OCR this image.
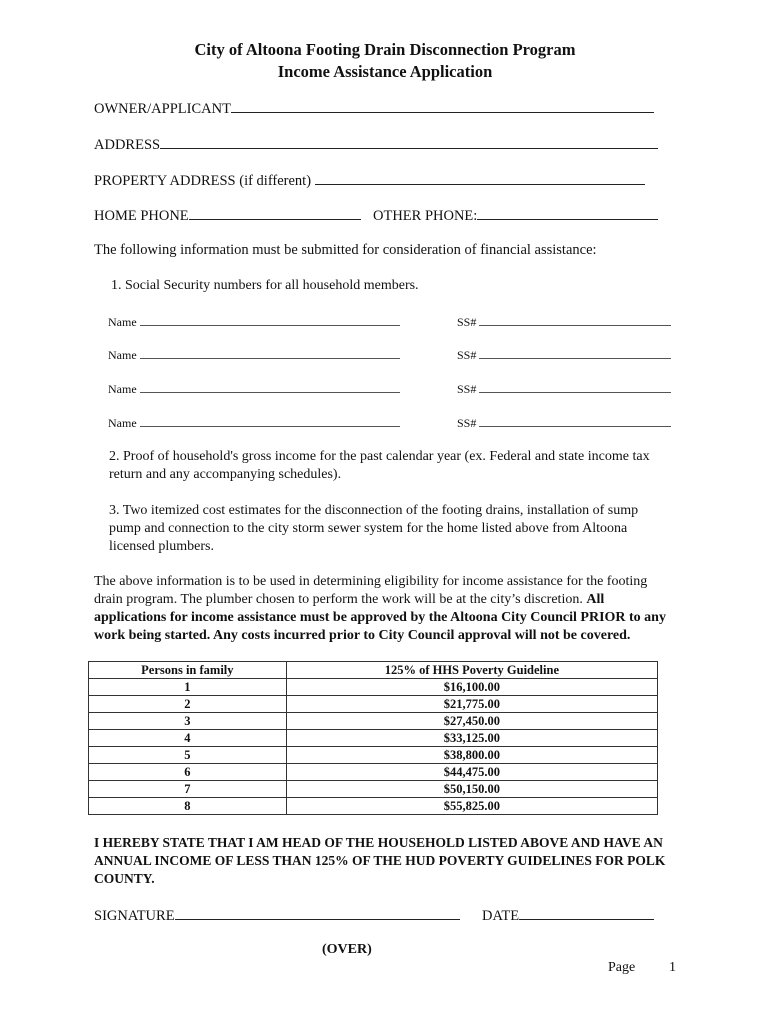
City of Altoona Footing Drain Disconnection Program
Income Assistance Application
OWNER/APPLICANT
ADDRESS
PROPERTY ADDRESS (if different)
HOME PHONE	OTHER PHONE:
The following information must be submitted for consideration of financial assistance:
1. Social Security numbers for all household members.
Name	SS#
Name	SS#
Name	SS#
Name	SS#
2. Proof of household's gross income for the past calendar year (ex. Federal and state income tax return and any accompanying schedules).
3. Two itemized cost estimates for the disconnection of the footing drains, installation of sump pump and connection to the city storm sewer system for the home listed above from Altoona licensed plumbers.
The above information is to be used in determining eligibility for income assistance for the footing drain program. The plumber chosen to perform the work will be at the city’s discretion. All applications for income assistance must be approved by the Altoona City Council PRIOR to any work being started. Any costs incurred prior to City Council approval will not be covered.
Persons in family	125% of HHS Poverty Guideline
1	$16,100.00
2	$21,775.00
3	$27,450.00
4	$33,125.00
5	$38,800.00
6	$44,475.00
7	$50,150.00
8	$55,825.00
I HEREBY STATE THAT I AM HEAD OF THE HOUSEHOLD LISTED ABOVE AND HAVE AN ANNUAL INCOME OF LESS THAN 125% OF THE HUD POVERTY GUIDELINES FOR POLK COUNTY.
SIGNATURE	DATE
(OVER)
Page 1
